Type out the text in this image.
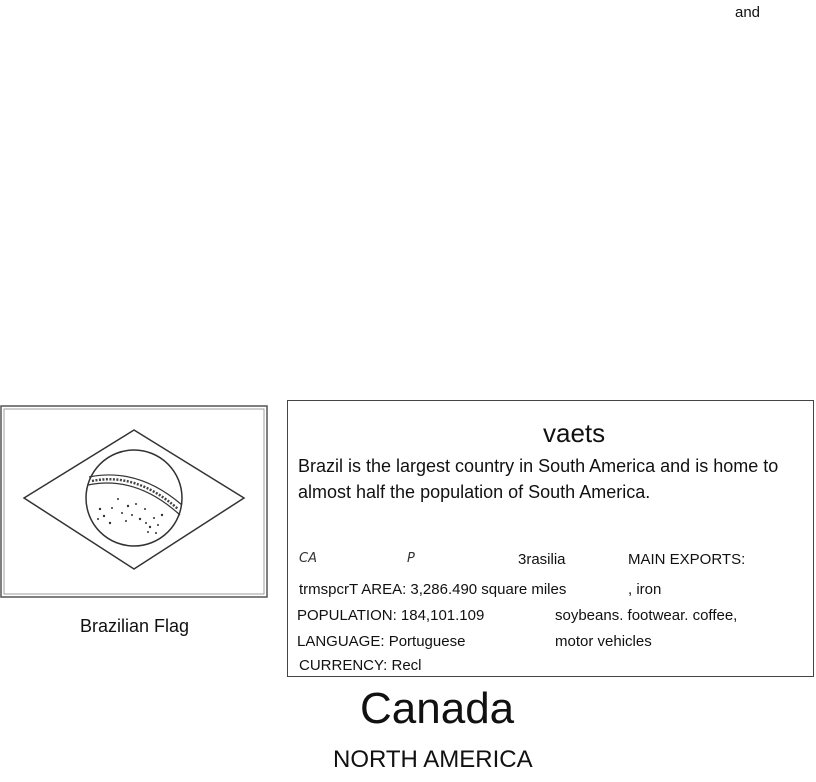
and
Brazilian Flag
vaets
Brazil is the largest country in South America and is home to almost half the population of South America.
CA	P	3rasilia	MAIN EXPORTS:
trmspcrT AREA: 3,286.490 square miles	, iron
POPULATION: 184,101.109	soybeans. footwear. coffee,
LANGUAGE: Portuguese	motor vehicles
CURRENCY: Recl
Canada
NORTH AMERICA
